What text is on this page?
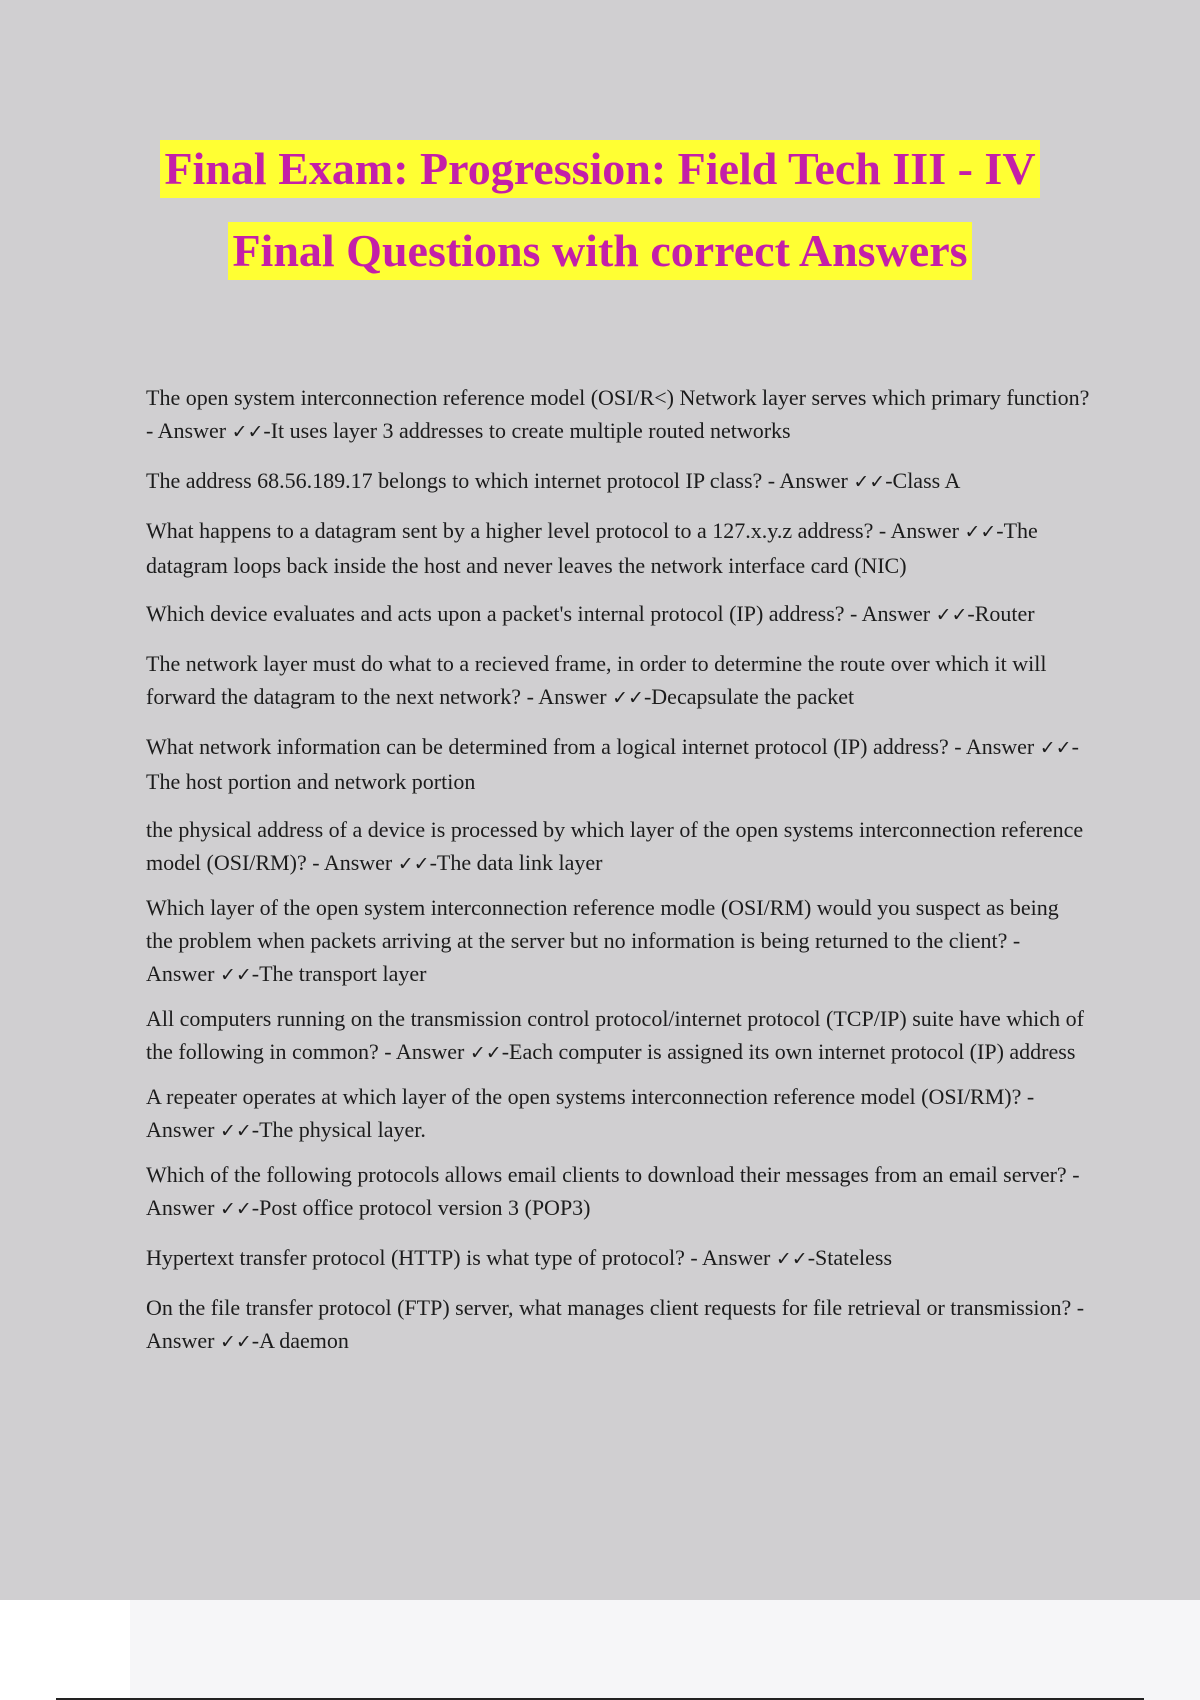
Final Exam: Progression: Field Tech III - IV
Final Questions with correct Answers

The open system interconnection reference model (OSI/R<) Network layer serves which primary function? - Answer ✓✓-It uses layer 3 addresses to create multiple routed networks

The address 68.56.189.17 belongs to which internet protocol IP class? - Answer ✓✓-Class A

What happens to a datagram sent by a higher level protocol to a 127.x.y.z address? - Answer ✓✓-The datagram loops back inside the host and never leaves the network interface card (NIC)

Which device evaluates and acts upon a packet's internal protocol (IP) address? - Answer ✓✓-Router

The network layer must do what to a recieved frame, in order to determine the route over which it will forward the datagram to the next network? - Answer ✓✓-Decapsulate the packet

What network information can be determined from a logical internet protocol (IP) address? - Answer ✓✓-The host portion and network portion

the physical address of a device is processed by which layer of the open systems interconnection reference model (OSI/RM)? - Answer ✓✓-The data link layer

Which layer of the open system interconnection reference modle (OSI/RM) would you suspect as being the problem when packets arriving at the server but no information is being returned to the client? - Answer ✓✓-The transport layer

All computers running on the transmission control protocol/internet protocol (TCP/IP) suite have which of the following in common? - Answer ✓✓-Each computer is assigned its own internet protocol (IP) address

A repeater operates at which layer of the open systems interconnection reference model (OSI/RM)? - Answer ✓✓-The physical layer.

Which of the following protocols allows email clients to download their messages from an email server? - Answer ✓✓-Post office protocol version 3 (POP3)

Hypertext transfer protocol (HTTP) is what type of protocol? - Answer ✓✓-Stateless

On the file transfer protocol (FTP) server, what manages client requests for file retrieval or transmission? - Answer ✓✓-A daemon
